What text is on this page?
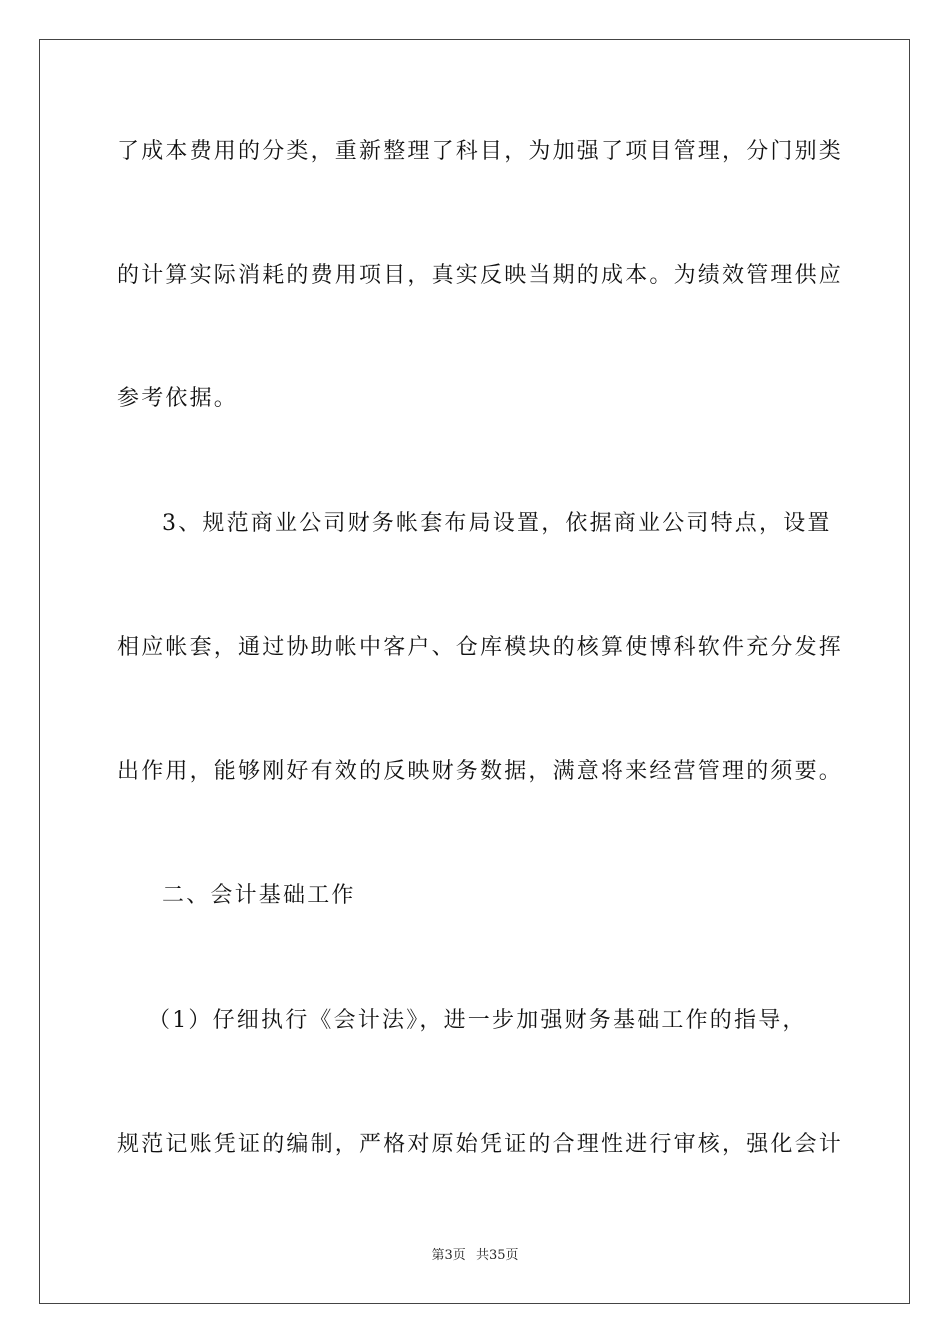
了成本费用的分类，重新整理了科目，为加强了项目管理，分门别类
的计算实际消耗的费用项目，真实反映当期的成本。为绩效管理供应
参考依据。
3、规范商业公司财务帐套布局设置，依据商业公司特点，设置
相应帐套，通过协助帐中客户、仓库模块的核算使博科软件充分发挥
出作用，能够刚好有效的反映财务数据，满意将来经营管理的须要。
二、会计基础工作
（1）仔细执行《会计法》，进一步加强财务基础工作的指导，
规范记账凭证的编制，严格对原始凭证的合理性进行审核，强化会计
第3页 共35页
